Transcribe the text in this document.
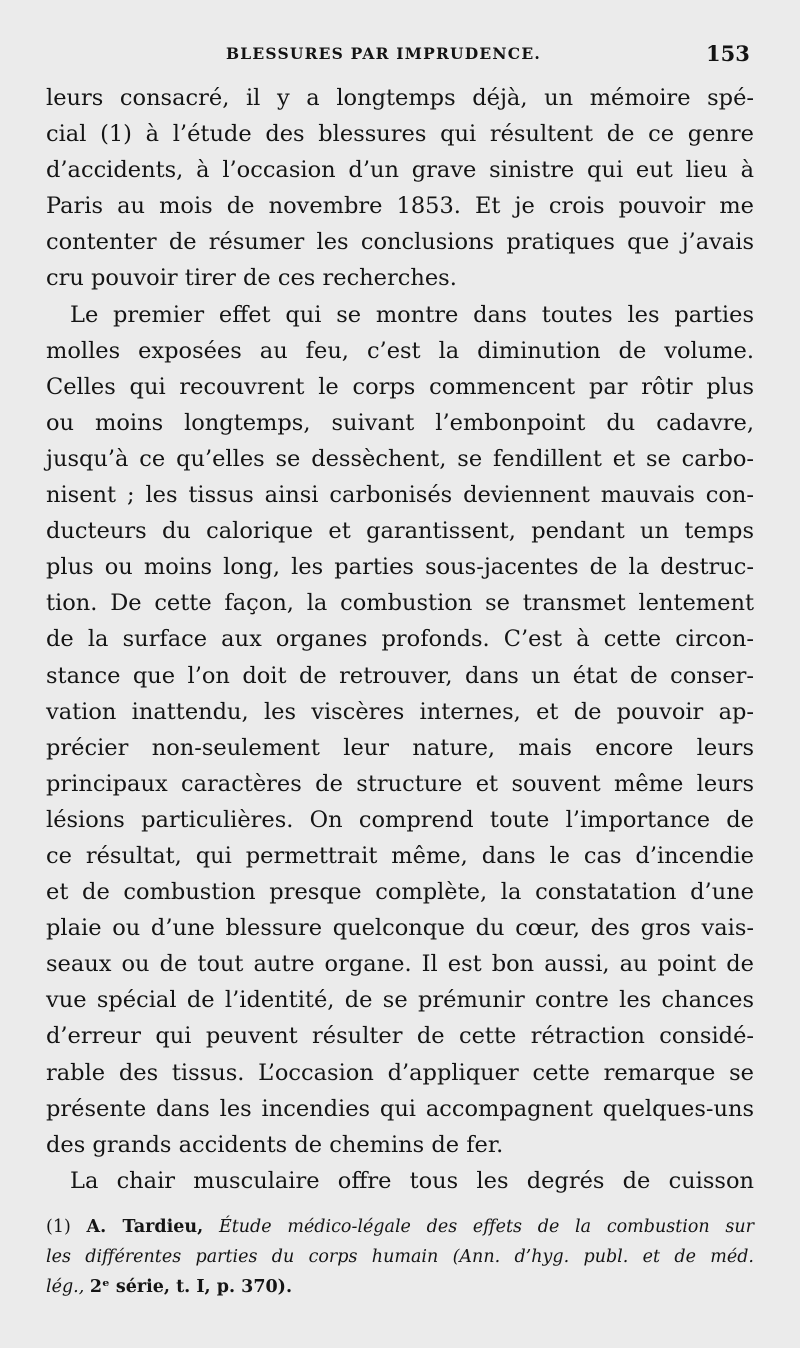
BLESSURES PAR IMPRUDENCE.	153
leurs consacré, il y a longtemps déjà, un mémoire spé-
cial (1) à l’étude des blessures qui résultent de ce genre
d’accidents, à l’occasion d’un grave sinistre qui eut lieu à
Paris au mois de novembre 1853. Et je crois pouvoir me
contenter de résumer les conclusions pratiques que j’avais
cru pouvoir tirer de ces recherches.
Le premier effet qui se montre dans toutes les parties
molles exposées au feu, c’est la diminution de volume.
Celles qui recouvrent le corps commencent par rôtir plus
ou moins longtemps, suivant l’embonpoint du cadavre,
jusqu’à ce qu’elles se dessèchent, se fendillent et se carbo-
nisent ; les tissus ainsi carbonisés deviennent mauvais con-
ducteurs du calorique et garantissent, pendant un temps
plus ou moins long, les parties sous-jacentes de la destruc-
tion. De cette façon, la combustion se transmet lentement
de la surface aux organes profonds. C’est à cette circon-
stance que l’on doit de retrouver, dans un état de conser-
vation inattendu, les viscères internes, et de pouvoir ap-
précier non-seulement leur nature, mais encore leurs
principaux caractères de structure et souvent même leurs
lésions particulières. On comprend toute l’importance de
ce résultat, qui permettrait même, dans le cas d’incendie
et de combustion presque complète, la constatation d’une
plaie ou d’une blessure quelconque du cœur, des gros vais-
seaux ou de tout autre organe. Il est bon aussi, au point de
vue spécial de l’identité, de se prémunir contre les chances
d’erreur qui peuvent résulter de cette rétraction considé-
rable des tissus. L’occasion d’appliquer cette remarque se
présente dans les incendies qui accompagnent quelques-uns
des grands accidents de chemins de fer.
La chair musculaire offre tous les degrés de cuisson
(1) A. Tardieu, Étude médico-légale des effets de la combustion sur
les différentes parties du corps humain (Ann. d’hyg. publ. et de méd.
lég., 2ᵉ série, t. I, p. 370).
